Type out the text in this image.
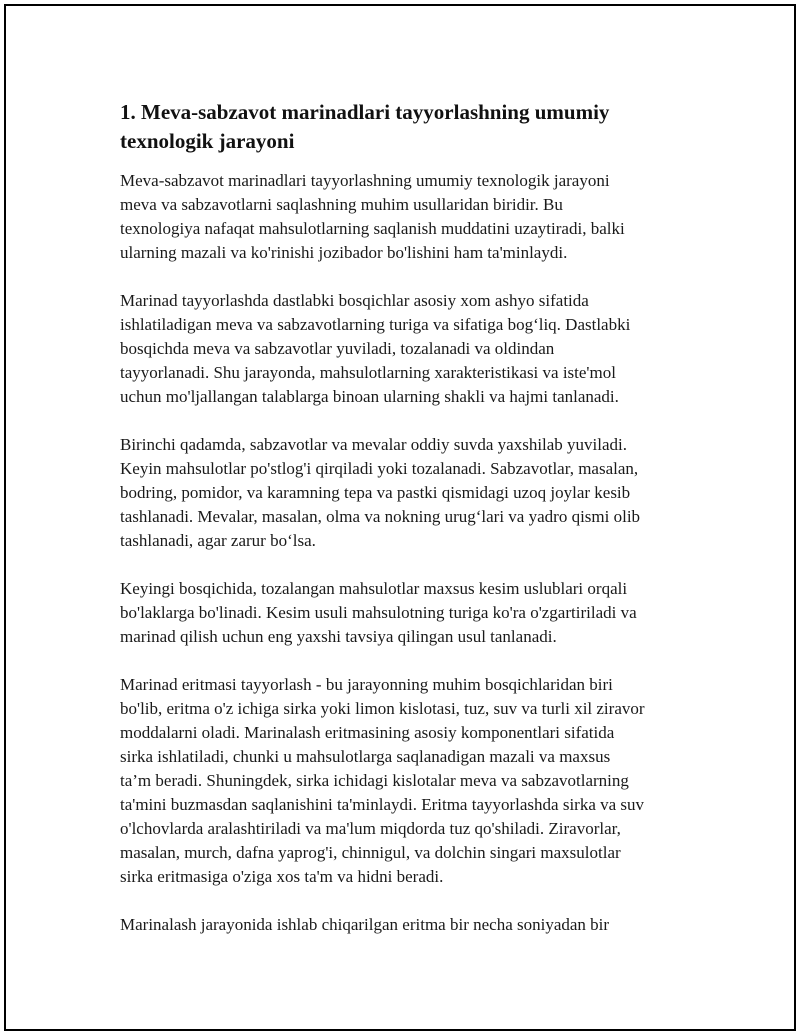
1. Meva-sabzavot marinadlari tayyorlashning umumiy
texnologik jarayoni

Meva-sabzavot marinadlari tayyorlashning umumiy texnologik jarayoni
meva va sabzavotlarni saqlashning muhim usullaridan biridir. Bu
texnologiya nafaqat mahsulotlarning saqlanish muddatini uzaytiradi, balki
ularning mazali va ko'rinishi jozibador bo'lishini ham ta'minlaydi.

Marinad tayyorlashda dastlabki bosqichlar asosiy xom ashyo sifatida
ishlatiladigan meva va sabzavotlarning turiga va sifatiga bog‘liq. Dastlabki
bosqichda meva va sabzavotlar yuviladi, tozalanadi va oldindan
tayyorlanadi. Shu jarayonda, mahsulotlarning xarakteristikasi va iste'mol
uchun mo'ljallangan talablarga binoan ularning shakli va hajmi tanlanadi.

Birinchi qadamda, sabzavotlar va mevalar oddiy suvda yaxshilab yuviladi.
Keyin mahsulotlar po'stlog'i qirqiladi yoki tozalanadi. Sabzavotlar, masalan,
bodring, pomidor, va karamning tepa va pastki qismidagi uzoq joylar kesib
tashlanadi. Mevalar, masalan, olma va nokning urug‘lari va yadro qismi olib
tashlanadi, agar zarur bo‘lsa.

Keyingi bosqichida, tozalangan mahsulotlar maxsus kesim uslublari orqali
bo'laklarga bo'linadi. Kesim usuli mahsulotning turiga ko'ra o'zgartiriladi va
marinad qilish uchun eng yaxshi tavsiya qilingan usul tanlanadi.

Marinad eritmasi tayyorlash - bu jarayonning muhim bosqichlaridan biri
bo'lib, eritma o'z ichiga sirka yoki limon kislotasi, tuz, suv va turli xil ziravor
moddalarni oladi. Marinalash eritmasining asosiy komponentlari sifatida
sirka ishlatiladi, chunki u mahsulotlarga saqlanadigan mazali va maxsus
ta’m beradi. Shuningdek, sirka ichidagi kislotalar meva va sabzavotlarning
ta'mini buzmasdan saqlanishini ta'minlaydi. Eritma tayyorlashda sirka va suv
o'lchovlarda aralashtiriladi va ma'lum miqdorda tuz qo'shiladi. Ziravorlar,
masalan, murch, dafna yaprog'i, chinnigul, va dolchin singari maxsulotlar
sirka eritmasiga o'ziga xos ta'm va hidni beradi.

Marinalash jarayonida ishlab chiqarilgan eritma bir necha soniyadan bir
